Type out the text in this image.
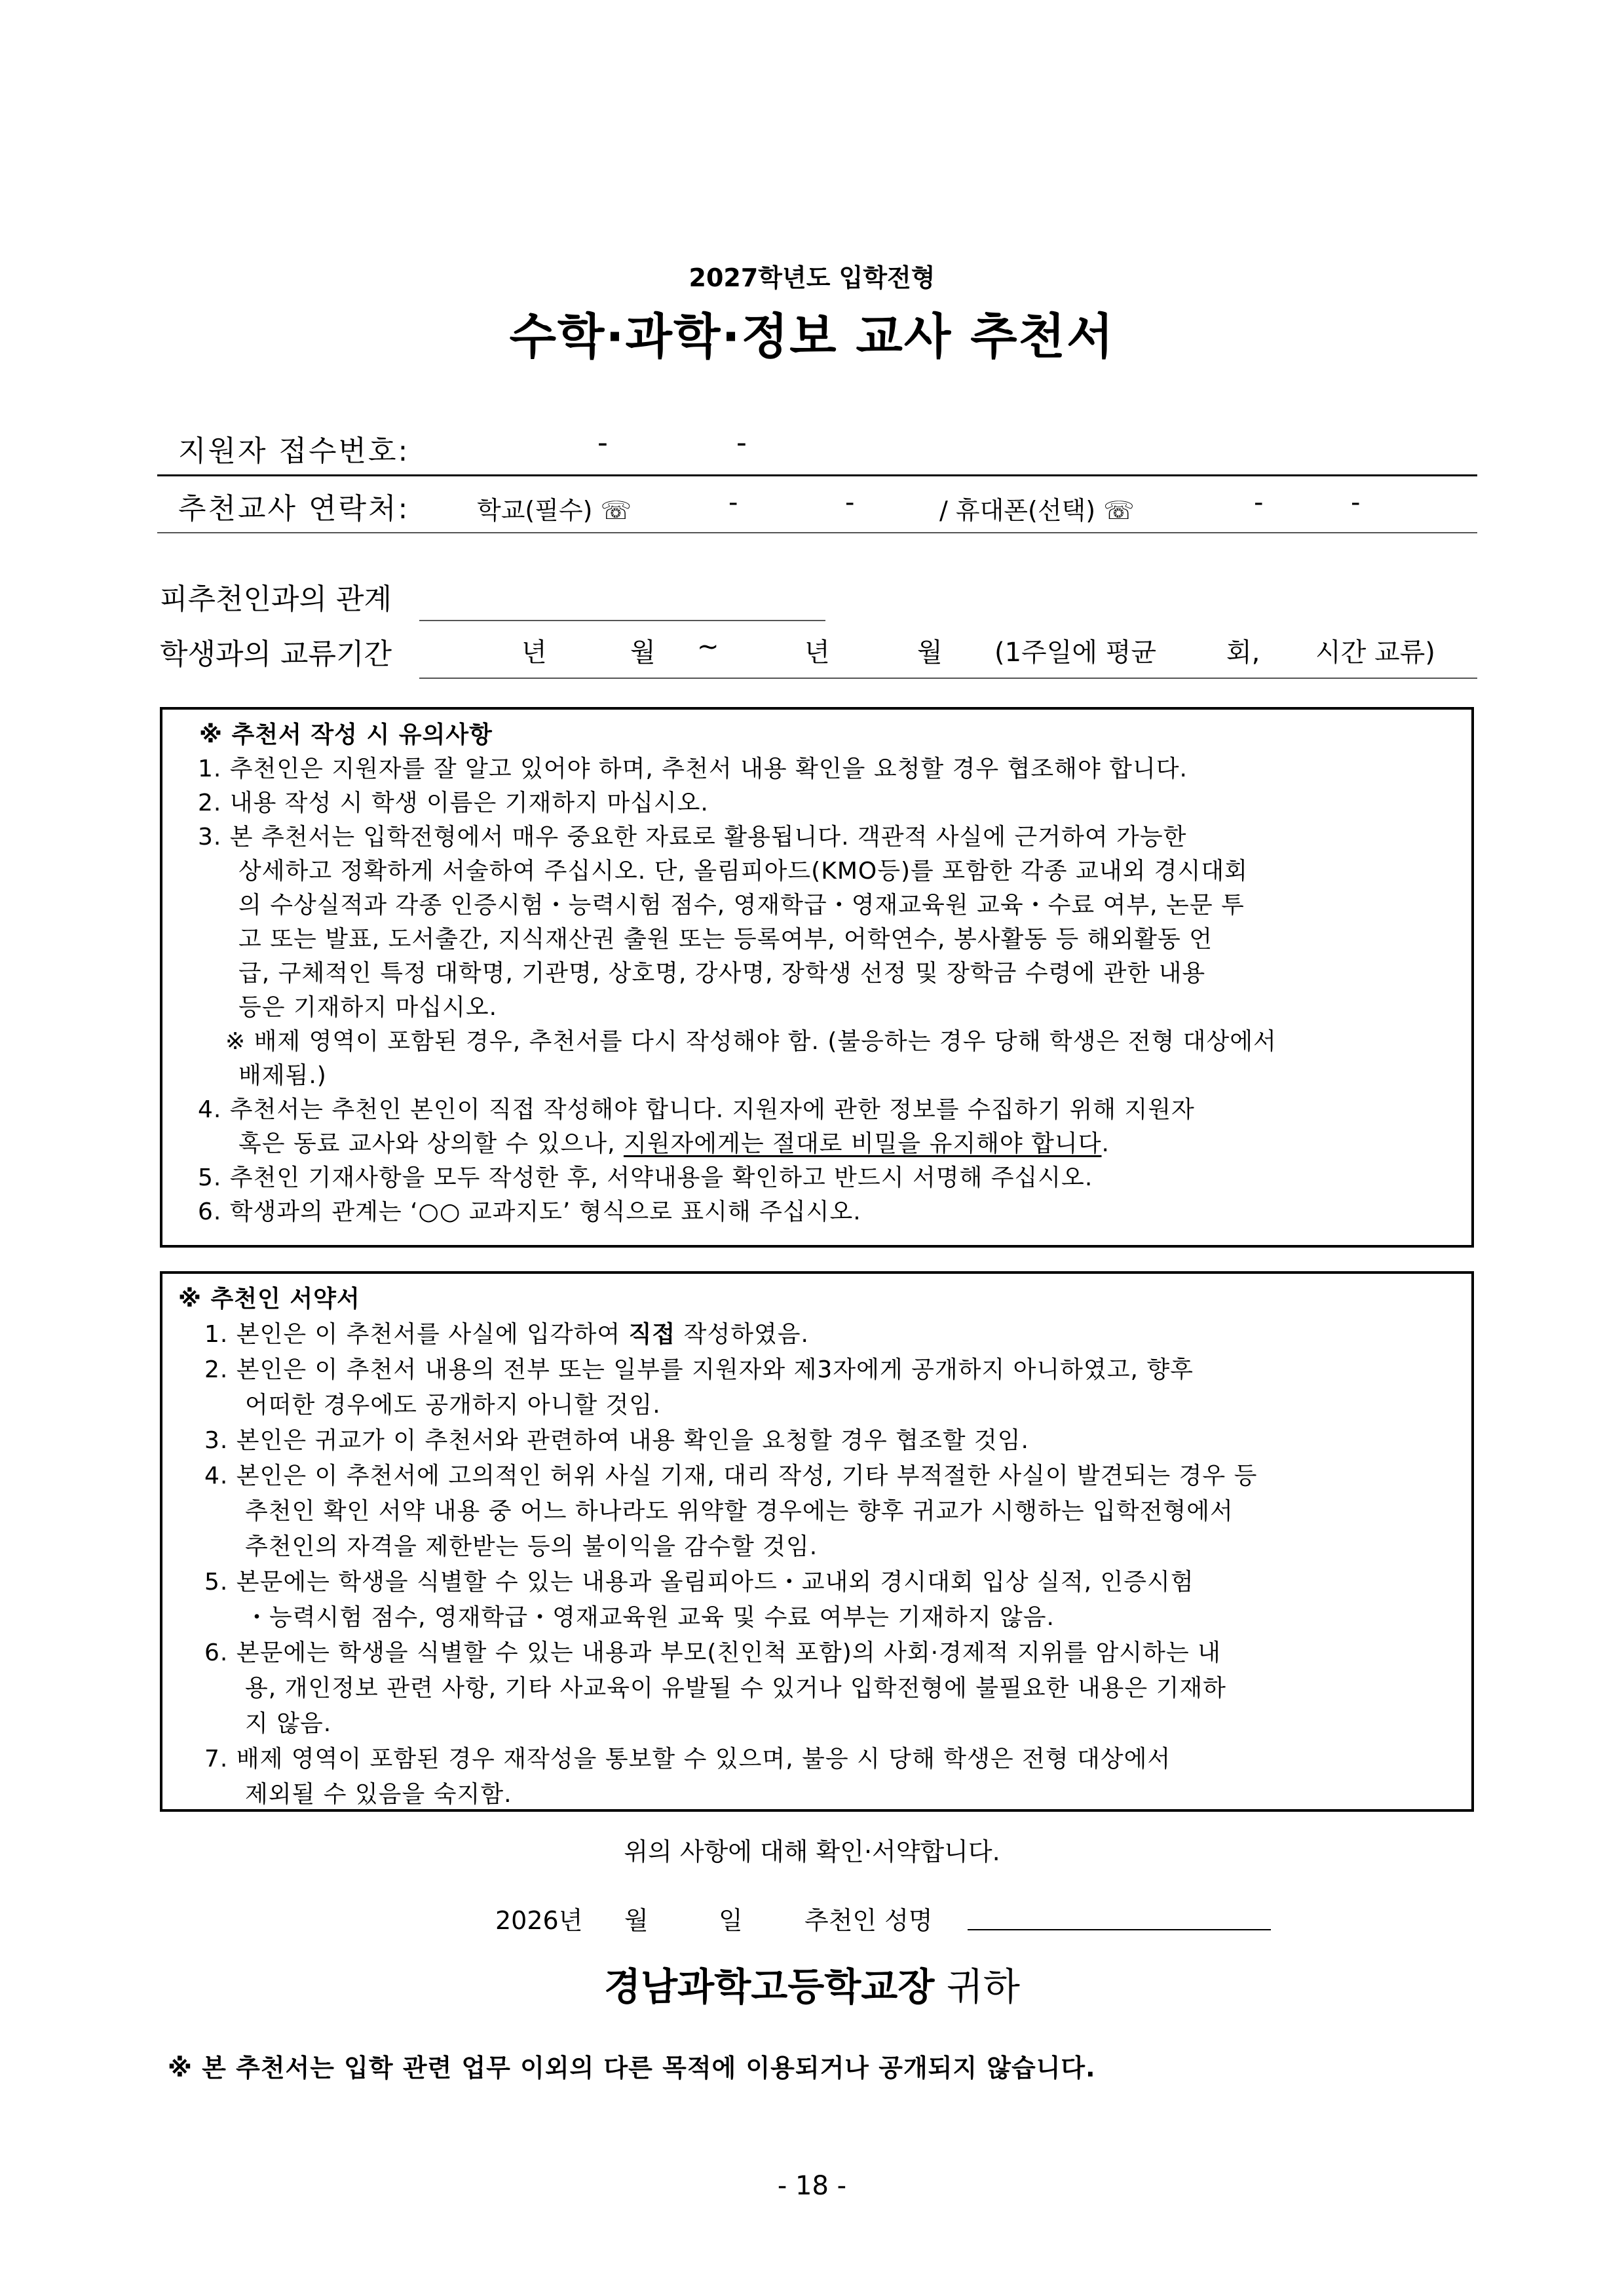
2027학년도 입학전형
수학·과학·정보 교사 추천서
지원자 접수번호:	-	-
추천교사 연락처:	학교(필수) ☏	-	-	/ 휴대폰(선택) ☏	-	-
피추천인과의 관계
학생과의 교류기간	년	월 ~	년	월 (1주일에 평균	회, 시간 교류)
※ 추천서 작성 시 유의사항
1. 추천인은 지원자를 잘 알고 있어야 하며, 추천서 내용 확인을 요청할 경우 협조해야 합니다.
2. 내용 작성 시 학생 이름은 기재하지 마십시오.
3. 본 추천서는 입학전형에서 매우 중요한 자료로 활용됩니다. 객관적 사실에 근거하여 가능한
상세하고 정확하게 서술하여 주십시오. 단, 올림피아드(KMO등)를 포함한 각종 교내외 경시대회
의 수상실적과 각종 인증시험・능력시험 점수, 영재학급・영재교육원 교육・수료 여부, 논문 투
고 또는 발표, 도서출간, 지식재산권 출원 또는 등록여부, 어학연수, 봉사활동 등 해외활동 언
급, 구체적인 특정 대학명, 기관명, 상호명, 강사명, 장학생 선정 및 장학금 수령에 관한 내용
등은 기재하지 마십시오.
※ 배제 영역이 포함된 경우, 추천서를 다시 작성해야 함. (불응하는 경우 당해 학생은 전형 대상에서
배제됨.)
4. 추천서는 추천인 본인이 직접 작성해야 합니다. 지원자에 관한 정보를 수집하기 위해 지원자
혹은 동료 교사와 상의할 수 있으나, 지원자에게는 절대로 비밀을 유지해야 합니다.
5. 추천인 기재사항을 모두 작성한 후, 서약내용을 확인하고 반드시 서명해 주십시오.
6. 학생과의 관계는 ‘○○ 교과지도’ 형식으로 표시해 주십시오.
※ 추천인 서약서
1. 본인은 이 추천서를 사실에 입각하여 직접 작성하였음.
2. 본인은 이 추천서 내용의 전부 또는 일부를 지원자와 제3자에게 공개하지 아니하였고, 향후
어떠한 경우에도 공개하지 아니할 것임.
3. 본인은 귀교가 이 추천서와 관련하여 내용 확인을 요청할 경우 협조할 것임.
4. 본인은 이 추천서에 고의적인 허위 사실 기재, 대리 작성, 기타 부적절한 사실이 발견되는 경우 등
추천인 확인 서약 내용 중 어느 하나라도 위약할 경우에는 향후 귀교가 시행하는 입학전형에서
추천인의 자격을 제한받는 등의 불이익을 감수할 것임.
5. 본문에는 학생을 식별할 수 있는 내용과 올림피아드・교내외 경시대회 입상 실적, 인증시험
・능력시험 점수, 영재학급・영재교육원 교육 및 수료 여부는 기재하지 않음.
6. 본문에는 학생을 식별할 수 있는 내용과 부모(친인척 포함)의 사회·경제적 지위를 암시하는 내
용, 개인정보 관련 사항, 기타 사교육이 유발될 수 있거나 입학전형에 불필요한 내용은 기재하
지 않음.
7. 배제 영역이 포함된 경우 재작성을 통보할 수 있으며, 불응 시 당해 학생은 전형 대상에서
제외될 수 있음을 숙지함.
위의 사항에 대해 확인·서약합니다.
2026년 월	일 추천인 성명
경남과학고등학교장 귀하
※ 본 추천서는 입학 관련 업무 이외의 다른 목적에 이용되거나 공개되지 않습니다.
- 18 -
